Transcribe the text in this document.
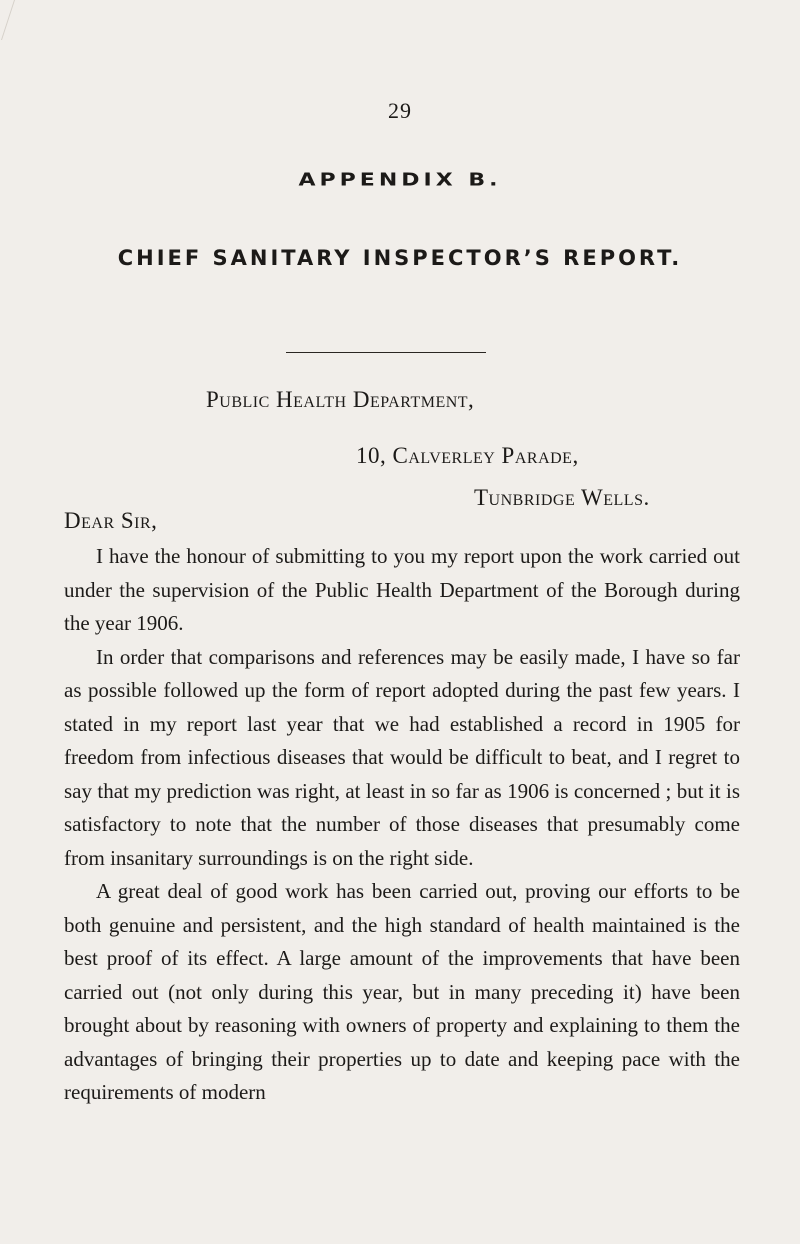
29
APPENDIX B.
CHIEF SANITARY INSPECTOR’S REPORT.
Public Health Department,
10, Calverley Parade,
Tunbridge Wells.
Dear Sir,

I have the honour of submitting to you my report upon the work carried out under the supervision of the Public Health Department of the Borough during the year 1906.

In order that comparisons and references may be easily made, I have so far as possible followed up the form of report adopted during the past few years. I stated in my report last year that we had established a record in 1905 for freedom from infectious diseases that would be difficult to beat, and I regret to say that my prediction was right, at least in so far as 1906 is concerned ; but it is satisfactory to note that the number of those diseases that presumably come from insanitary surroundings is on the right side.

A great deal of good work has been carried out, proving our efforts to be both genuine and persistent, and the high standard of health maintained is the best proof of its effect. A large amount of the improvements that have been carried out (not only during this year, but in many preceding it) have been brought about by reasoning with owners of property and explaining to them the advantages of bringing their properties up to date and keeping pace with the requirements of modern
